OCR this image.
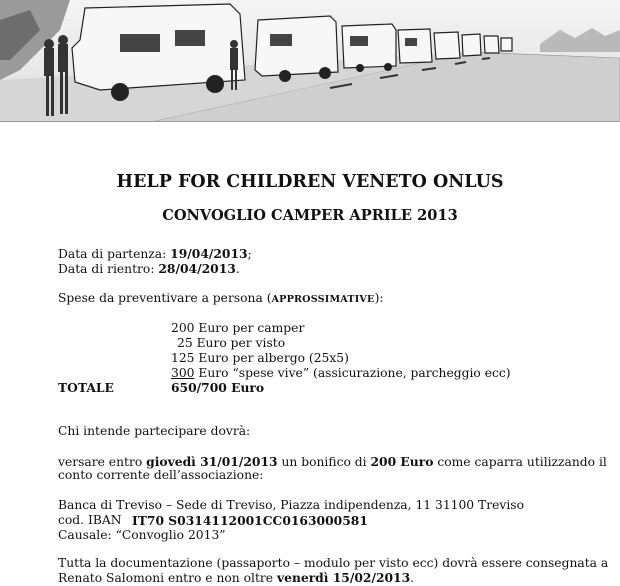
HELP FOR CHILDREN VENETO ONLUS
CONVOGLIO CAMPER APRILE 2013
Data di partenza: 19/04/2013;
Data di rientro: 28/04/2013.
Spese da preventivare a persona (APPROSSIMATIVE):
200 Euro per camper
25 Euro per visto
125 Euro per albergo (25x5)
300 Euro “spese vive” (assicurazione, parcheggio ecc)
TOTALE	650/700 Euro
Chi intende partecipare dovrà:
versare entro giovedì 31/01/2013 un bonifico di 200 Euro come caparra utilizzando il
conto corrente dell’associazione:
Banca di Treviso – Sede di Treviso, Piazza indipendenza, 11 31100 Treviso
cod. IBAN IT70 S0314112001CC0163000581
Causale: “Convoglio 2013”
Tutta la documentazione (passaporto – modulo per visto ecc) dovrà essere consegnata a
Renato Salomoni entro e non oltre venerdì 15/02/2013.
